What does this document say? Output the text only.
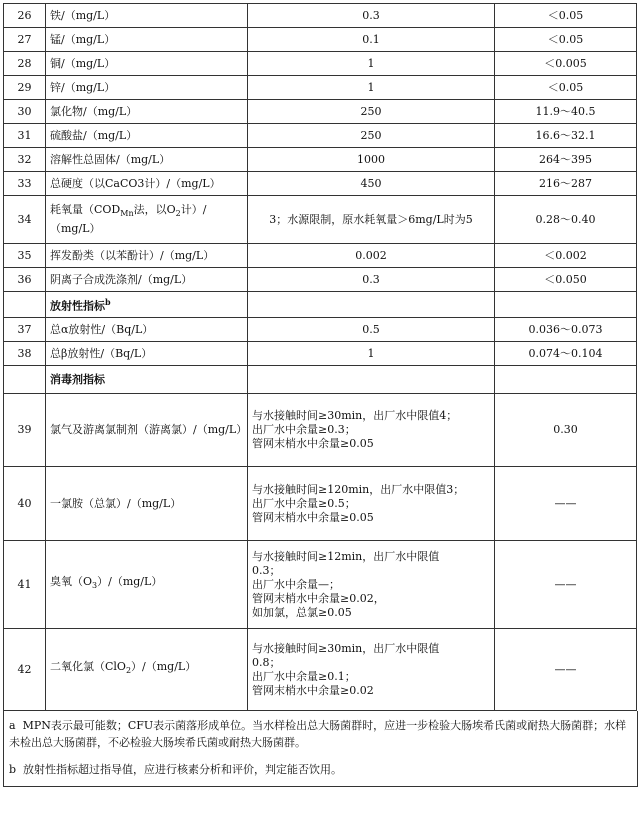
26	铁/（mg/L）	0.3	＜0.05
27	锰/（mg/L）	0.1	＜0.05
28	铜/（mg/L）	1	＜0.005
29	锌/（mg/L）	1	＜0.05
30	氯化物/（mg/L）	250	11.9～40.5
31	硫酸盐/（mg/L）	250	16.6～32.1
32	溶解性总固体/（mg/L）	1000	264～395
33	总硬度（以CaCO3计）/（mg/L）	450	216～287
34	耗氧量（$COD_{Mn}$法，以$O_2$计）/（mg/L）	3；水源限制，原水耗氧量＞6mg/L时为5	0.28～0.40
35	挥发酚类（以苯酚计）/（mg/L）	0.002	＜0.002
36	阴离子合成洗涤剂/（mg/L）	0.3	＜0.050
	放射性指标$^b$		
37	总α放射性/（Bq/L）	0.5	0.036～0.073
38	总β放射性/（Bq/L）	1	0.074～0.104
	消毒剂指标		
39	氯气及游离氯制剂（游离氯）/（mg/L）	与水接触时间≥30min，出厂水中限值4；
出厂水中余量≥0.3；
管网末梢水中余量≥0.05	0.30
40	一氯胺（总氯）/（mg/L）	与水接触时间≥120min，出厂水中限值3；
出厂水中余量≥0.5；
管网末梢水中余量≥0.05	——
41	臭氧$(O_3)/(mg/L)$	与水接触时间≥12min，出厂水中限值
0.3；
出厂水中余量—；
管网末梢水中余量≥0.02，
如加氯，总氯≥0.05	——
42	二氧化氯（ClO$_2$）/（mg/L）	与水接触时间≥30min，出厂水中限值
0.8；
出厂水中余量≥0.1；
管网末梢水中余量≥0.02	——
a MPN表示最可能数；CFU表示菌落形成单位。当水样检出总大肠菌群时，应进一步检验大肠埃希氏菌或耐热大肠菌群；水样未检出总大肠菌群，不必检验大肠埃希氏菌或耐热大肠菌群。
b 放射性指标超过指导值，应进行核素分析和评价，判定能否饮用。
